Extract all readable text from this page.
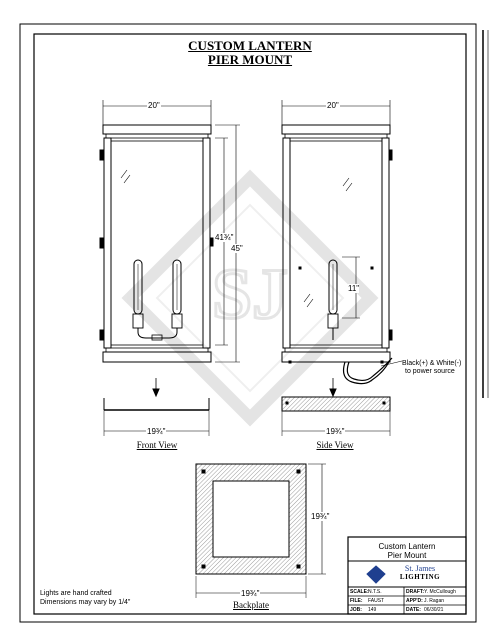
SJ
CUSTOM LANTERN
PIER MOUNT
20"	20"
41¾"
45"
11"
19¾"	19¾"
19¾"
19¾"
Front View	Side View
Backplate
Black(+) & White(-)
to power source
Lights are hand crafted
Dimensions may vary by 1/4"
Custom Lantern
Pier Mount
St. James
LIGHTING
SCALE: N.T.S.	DRAFT: Y. McCullough
FILE: FAUST	APP'D: J. Ragan
JOB: 149	DATE: 06/30/21
